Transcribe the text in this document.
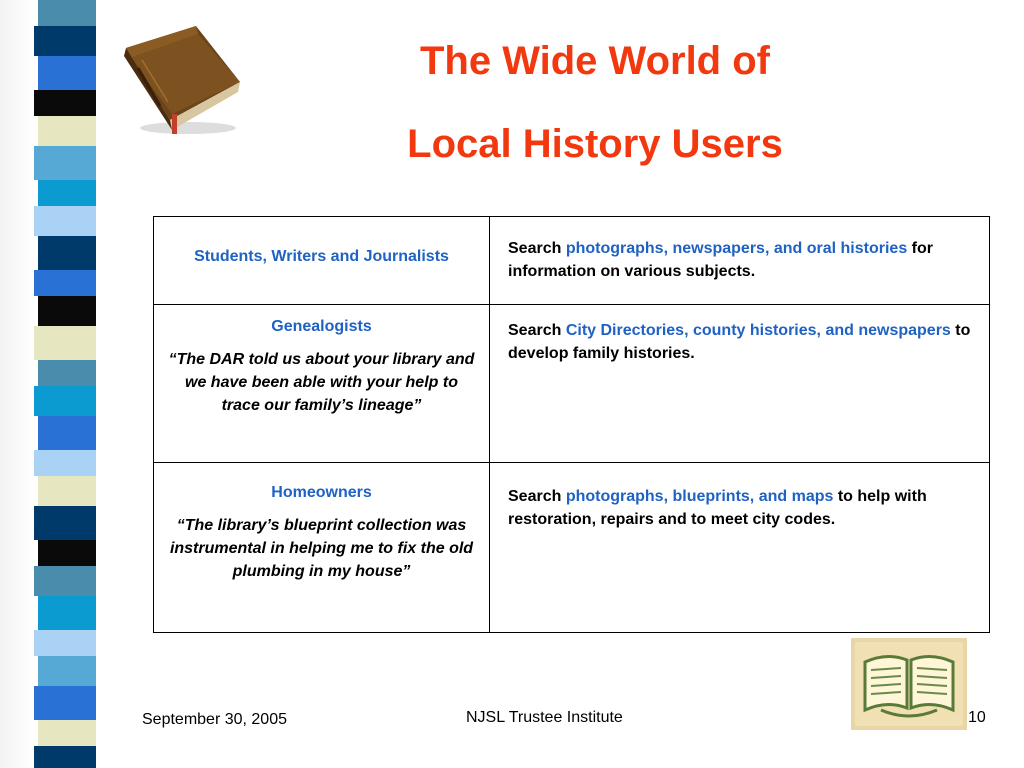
The Wide World of
Local History Users
Students, Writers and Journalists	Search photographs, newspapers, and oral histories for information on various subjects.

Genealogists
“The DAR told us about your library and we have been able with your help to trace our family’s lineage”	Search City Directories, county histories, and newspapers to develop family histories.

Homeowners
“The library’s blueprint collection was instrumental in helping me to fix the old plumbing in my house”	Search photographs, blueprints, and maps to help with restoration, repairs and to meet city codes.
September 30, 2005	NJSL Trustee Institute	10
